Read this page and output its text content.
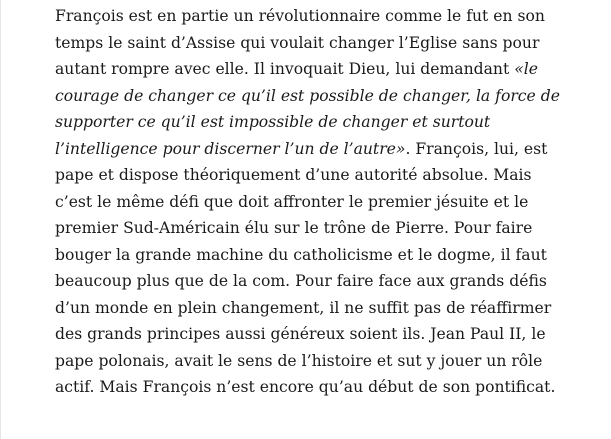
François est en partie un révolutionnaire comme le fut en son
temps le saint d’Assise qui voulait changer l’Eglise sans pour
autant rompre avec elle. Il invoquait Dieu, lui demandant «le
courage de changer ce qu’il est possible de changer, la force de
supporter ce qu’il est impossible de changer et surtout
l’intelligence pour discerner l’un de l’autre». François, lui, est
pape et dispose théoriquement d’une autorité absolue. Mais
c’est le même défi que doit affronter le premier jésuite et le
premier Sud-Américain élu sur le trône de Pierre. Pour faire
bouger la grande machine du catholicisme et le dogme, il faut
beaucoup plus que de la com. Pour faire face aux grands défis
d’un monde en plein changement, il ne suffit pas de réaffirmer
des grands principes aussi généreux soient ils. Jean Paul II, le
pape polonais, avait le sens de l’histoire et sut y jouer un rôle
actif. Mais François n’est encore qu’au début de son pontificat.
